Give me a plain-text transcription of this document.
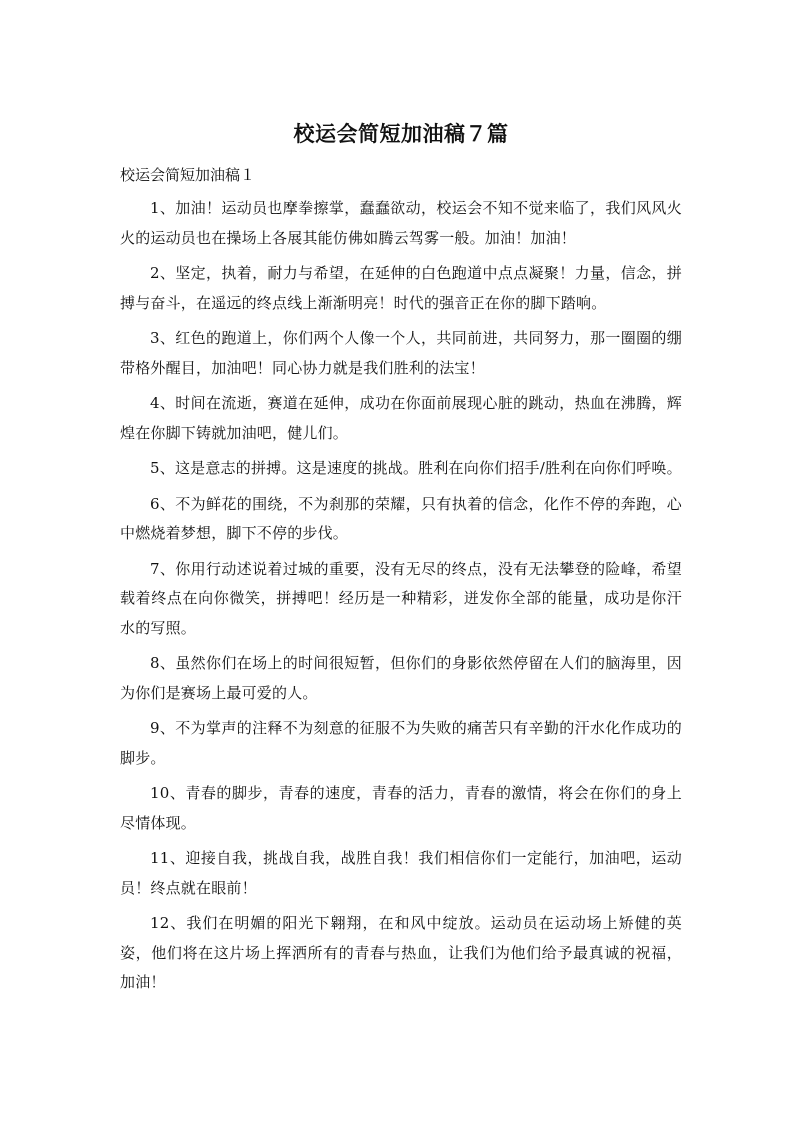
校运会简短加油稿７篇

校运会简短加油稿１

1、加油！运动员也摩拳擦掌，蠢蠢欲动，校运会不知不觉来临了，我们风风火火的运动员也在操场上各展其能仿佛如腾云驾雾一般。加油！加油！

2、坚定，执着，耐力与希望，在延伸的白色跑道中点点凝聚！力量，信念，拼搏与奋斗，在遥远的终点线上渐渐明亮！时代的强音正在你的脚下踏响。

3、红色的跑道上，你们两个人像一个人，共同前进，共同努力，那一圈圈的绷带格外醒目，加油吧！同心协力就是我们胜利的法宝！

4、时间在流逝，赛道在延伸，成功在你面前展现心脏的跳动，热血在沸腾，辉煌在你脚下铸就加油吧，健儿们。

5、这是意志的拼搏。这是速度的挑战。胜利在向你们招手/胜利在向你们呼唤。

6、不为鲜花的围绕，不为刹那的荣耀，只有执着的信念，化作不停的奔跑，心中燃烧着梦想，脚下不停的步伐。

7、你用行动述说着过城的重要，没有无尽的终点，没有无法攀登的险峰，希望载着终点在向你微笑，拼搏吧！经历是一种精彩，迸发你全部的能量，成功是你汗水的写照。

8、虽然你们在场上的时间很短暂，但你们的身影依然停留在人们的脑海里，因为你们是赛场上最可爱的人。

9、不为掌声的注释不为刻意的征服不为失败的痛苦只有辛勤的汗水化作成功的脚步。

10、青春的脚步，青春的速度，青春的活力，青春的激情，将会在你们的身上尽情体现。

11、迎接自我，挑战自我，战胜自我！我们相信你们一定能行，加油吧，运动员！终点就在眼前！

12、我们在明媚的阳光下翱翔，在和风中绽放。运动员在运动场上矫健的英姿，他们将在这片场上挥洒所有的青春与热血，让我们为他们给予最真诚的祝福，加油！
